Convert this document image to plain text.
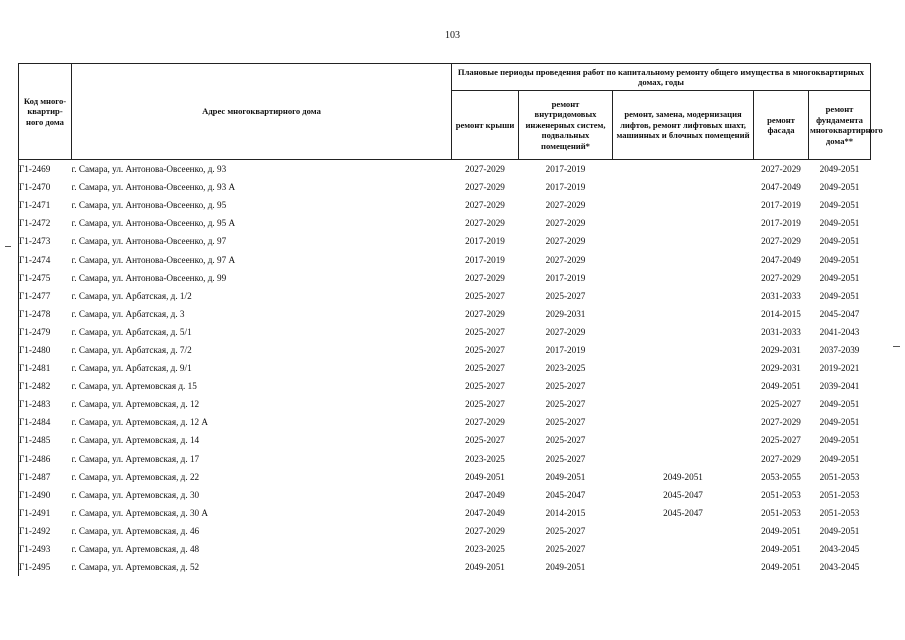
103
Код много-квартир-ного дома	Адрес многоквартирного дома	Плановые периоды проведения работ по капитальному ремонту общего имущества в многоквартирных домах, годы				
		ремонт крыши	ремонт внутридомовых инженерных систем, подвальных помещений*	ремонт, замена, модернизация лифтов, ремонт лифтовых шахт, машинных и блочных помещений	ремонт фасада	ремонт фундамента многоквартирного дома**
Г1-2469	г. Самара, ул. Антонова-Овсеенко, д. 93	2027-2029	2017-2019		2027-2029	2049-2051
Г1-2470	г. Самара, ул. Антонова-Овсеенко, д. 93 А	2027-2029	2017-2019		2047-2049	2049-2051
Г1-2471	г. Самара, ул. Антонова-Овсеенко, д. 95	2027-2029	2027-2029		2017-2019	2049-2051
Г1-2472	г. Самара, ул. Антонова-Овсеенко, д. 95 А	2027-2029	2027-2029		2017-2019	2049-2051
Г1-2473	г. Самара, ул. Антонова-Овсеенко, д. 97	2017-2019	2027-2029		2027-2029	2049-2051
Г1-2474	г. Самара, ул. Антонова-Овсеенко, д. 97 А	2017-2019	2027-2029		2047-2049	2049-2051
Г1-2475	г. Самара, ул. Антонова-Овсеенко, д. 99	2027-2029	2017-2019		2027-2029	2049-2051
Г1-2477	г. Самара, ул. Арбатская, д. 1/2	2025-2027	2025-2027		2031-2033	2049-2051
Г1-2478	г. Самара, ул. Арбатская, д. 3	2027-2029	2029-2031		2014-2015	2045-2047
Г1-2479	г. Самара, ул. Арбатская, д. 5/1	2025-2027	2027-2029		2031-2033	2041-2043
Г1-2480	г. Самара, ул. Арбатская, д. 7/2	2025-2027	2017-2019		2029-2031	2037-2039
Г1-2481	г. Самара, ул. Арбатская, д. 9/1	2025-2027	2023-2025		2029-2031	2019-2021
Г1-2482	г. Самара, ул. Артемовская д. 15	2025-2027	2025-2027		2049-2051	2039-2041
Г1-2483	г. Самара, ул. Артемовская, д. 12	2025-2027	2025-2027		2025-2027	2049-2051
Г1-2484	г. Самара, ул. Артемовская, д. 12 А	2027-2029	2025-2027		2027-2029	2049-2051
Г1-2485	г. Самара, ул. Артемовская, д. 14	2025-2027	2025-2027		2025-2027	2049-2051
Г1-2486	г. Самара, ул. Артемовская, д. 17	2023-2025	2025-2027		2027-2029	2049-2051
Г1-2487	г. Самара, ул. Артемовская, д. 22	2049-2051	2049-2051	2049-2051	2053-2055	2051-2053
Г1-2490	г. Самара, ул. Артемовская, д. 30	2047-2049	2045-2047	2045-2047	2051-2053	2051-2053
Г1-2491	г. Самара, ул. Артемовская, д. 30 А	2047-2049	2014-2015	2045-2047	2051-2053	2051-2053
Г1-2492	г. Самара, ул. Артемовская, д. 46	2027-2029	2025-2027		2049-2051	2049-2051
Г1-2493	г. Самара, ул. Артемовская, д. 48	2023-2025	2025-2027		2049-2051	2043-2045
Г1-2495	г. Самара, ул. Артемовская, д. 52	2049-2051	2049-2051		2049-2051	2043-2045
